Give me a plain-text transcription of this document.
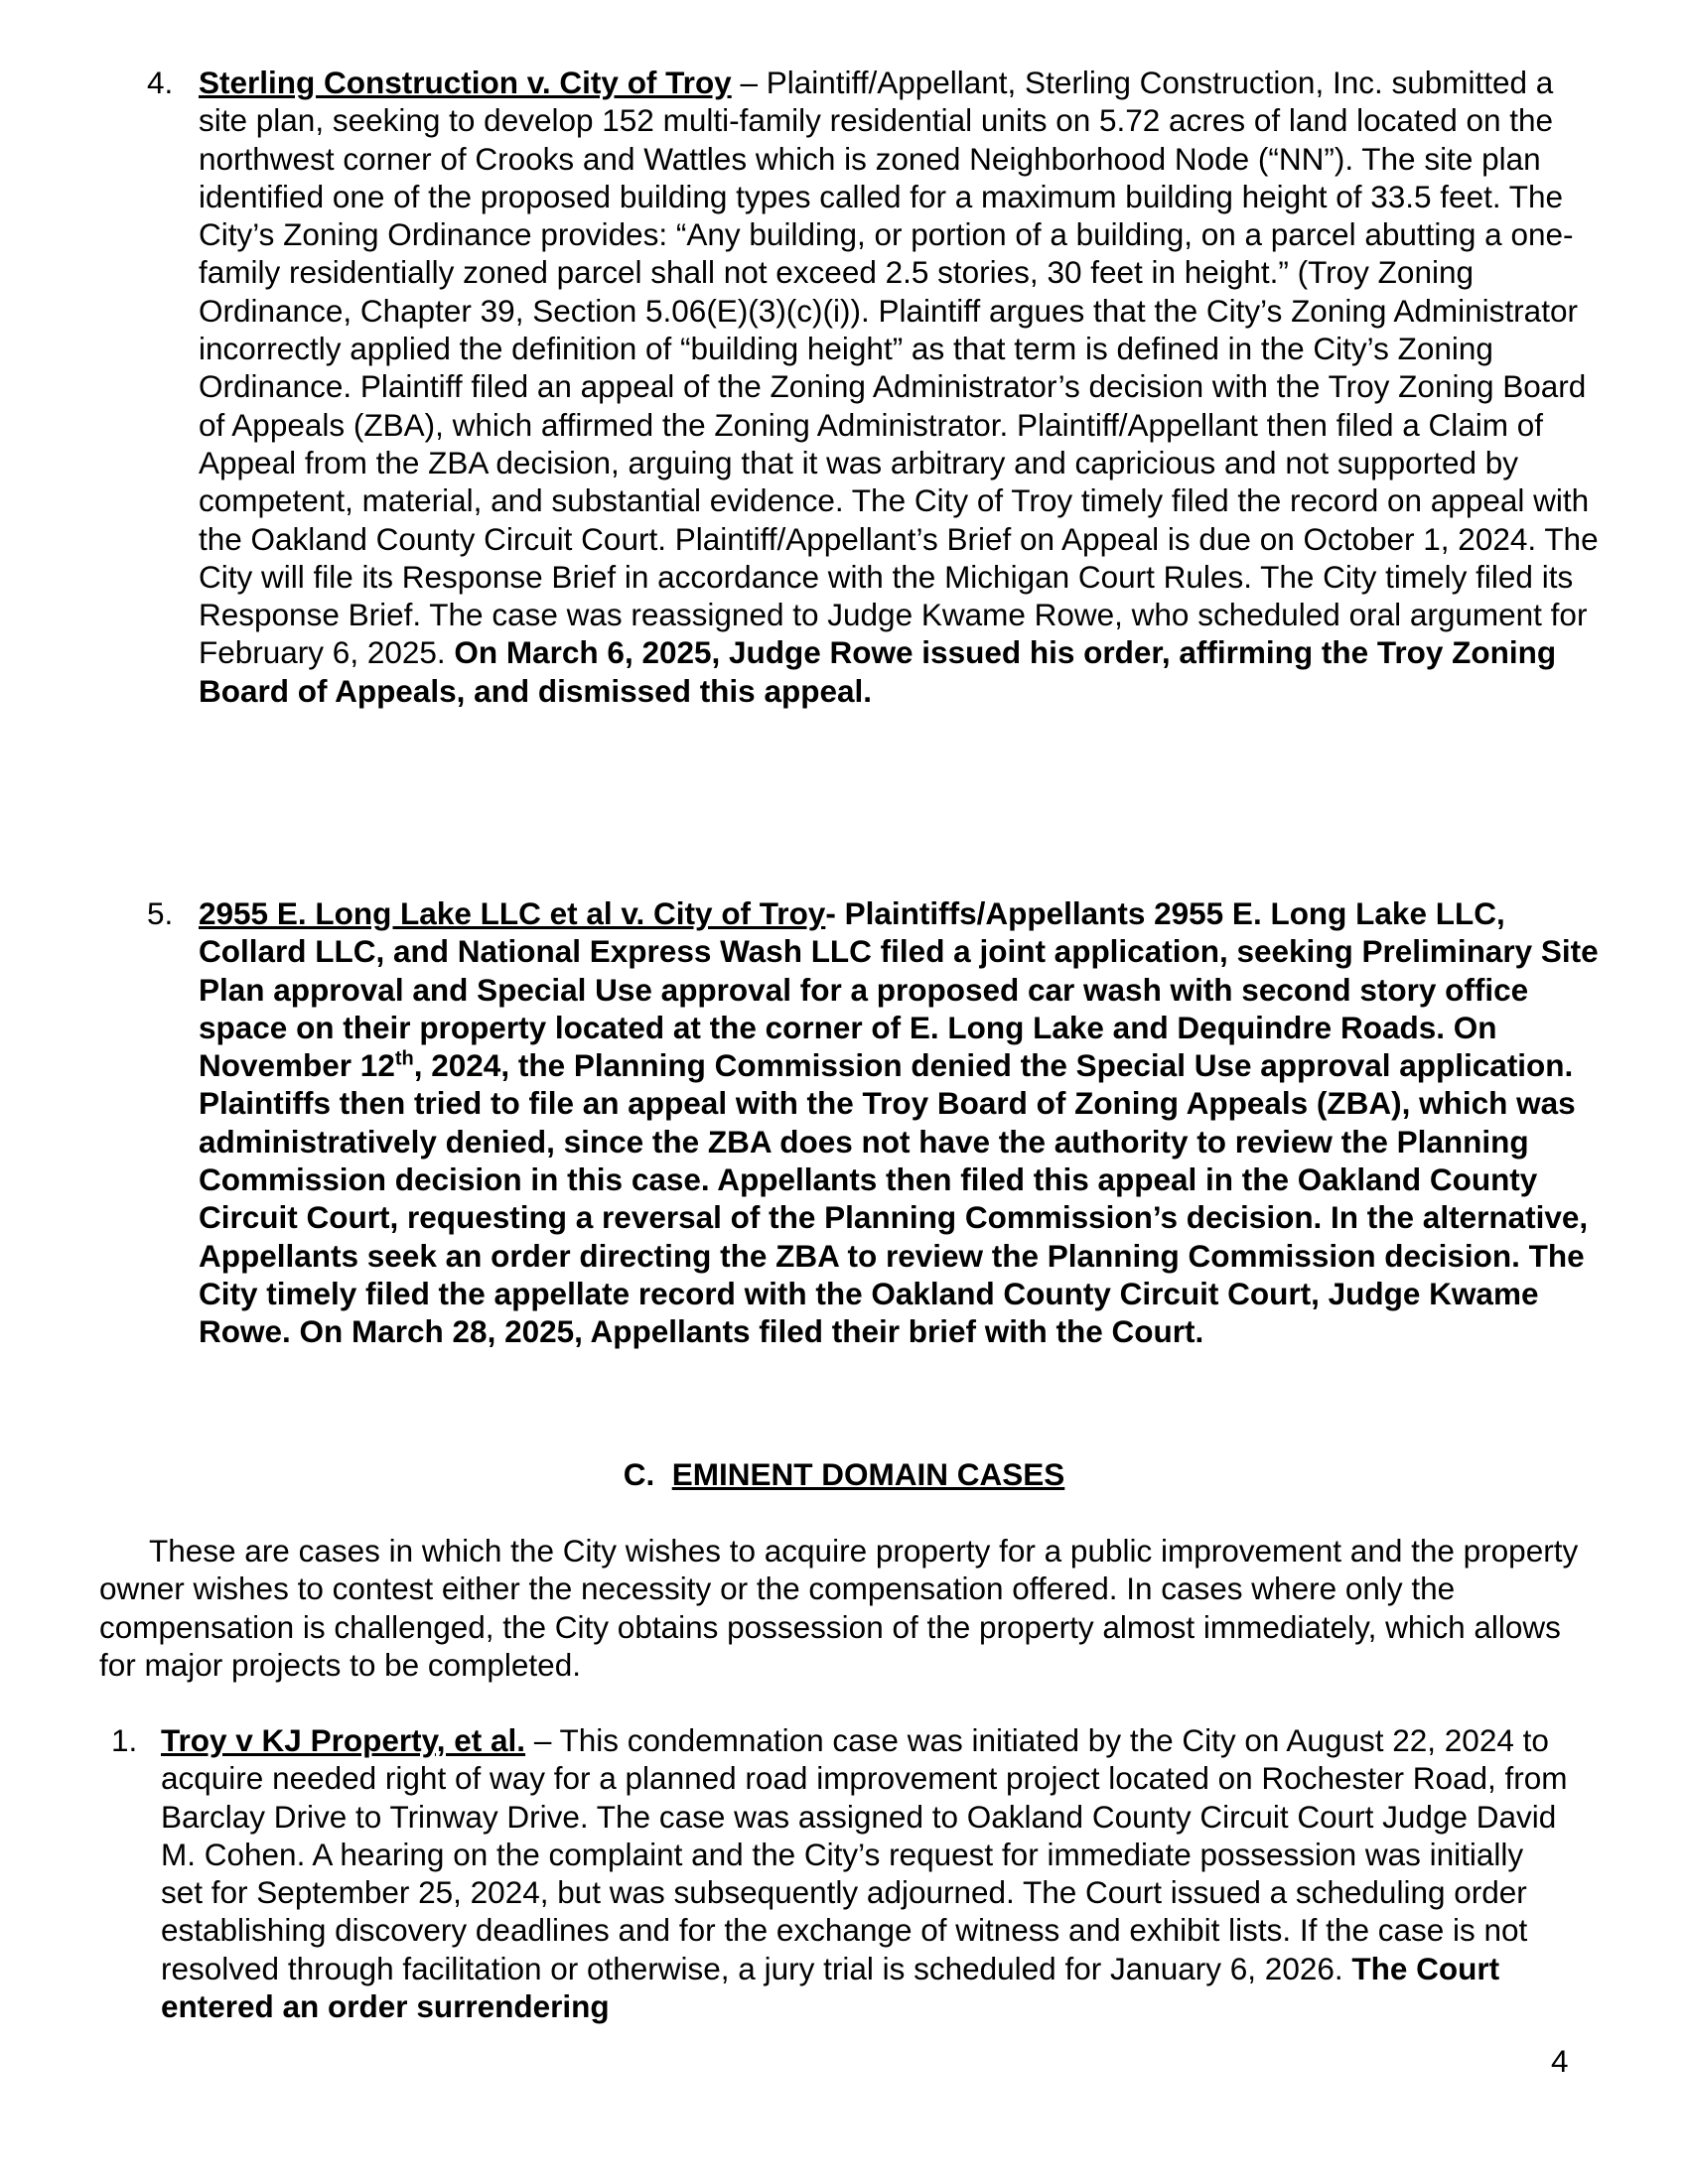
4. Sterling Construction v. City of Troy – Plaintiff/Appellant, Sterling Construction, Inc. submitted a site plan, seeking to develop 152 multi-family residential units on 5.72 acres of land located on the northwest corner of Crooks and Wattles which is zoned Neighborhood Node (“NN”). The site plan identified one of the proposed building types called for a maximum building height of 33.5 feet. The City’s Zoning Ordinance provides: “Any building, or portion of a building, on a parcel abutting a one-family residentially zoned parcel shall not exceed 2.5 stories, 30 feet in height.” (Troy Zoning Ordinance, Chapter 39, Section 5.06(E)(3)(c)(i)). Plaintiff argues that the City’s Zoning Administrator incorrectly applied the definition of “building height” as that term is defined in the City’s Zoning Ordinance. Plaintiff filed an appeal of the Zoning Administrator’s decision with the Troy Zoning Board of Appeals (ZBA), which affirmed the Zoning Administrator. Plaintiff/Appellant then filed a Claim of Appeal from the ZBA decision, arguing that it was arbitrary and capricious and not supported by competent, material, and substantial evidence. The City of Troy timely filed the record on appeal with the Oakland County Circuit Court. Plaintiff/Appellant’s Brief on Appeal is due on October 1, 2024. The City will file its Response Brief in accordance with the Michigan Court Rules. The City timely filed its Response Brief. The case was reassigned to Judge Kwame Rowe, who scheduled oral argument for February 6, 2025. On March 6, 2025, Judge Rowe issued his order, affirming the Troy Zoning Board of Appeals, and dismissed this appeal.
5. 2955 E. Long Lake LLC et al v. City of Troy- Plaintiffs/Appellants 2955 E. Long Lake LLC, Collard LLC, and National Express Wash LLC filed a joint application, seeking Preliminary Site Plan approval and Special Use approval for a proposed car wash with second story office space on their property located at the corner of E. Long Lake and Dequindre Roads. On November 12th, 2024, the Planning Commission denied the Special Use approval application. Plaintiffs then tried to file an appeal with the Troy Board of Zoning Appeals (ZBA), which was administratively denied, since the ZBA does not have the authority to review the Planning Commission decision in this case. Appellants then filed this appeal in the Oakland County Circuit Court, requesting a reversal of the Planning Commission’s decision. In the alternative, Appellants seek an order directing the ZBA to review the Planning Commission decision. The City timely filed the appellate record with the Oakland County Circuit Court, Judge Kwame Rowe. On March 28, 2025, Appellants filed their brief with the Court.
C. EMINENT DOMAIN CASES
These are cases in which the City wishes to acquire property for a public improvement and the property owner wishes to contest either the necessity or the compensation offered. In cases where only the compensation is challenged, the City obtains possession of the property almost immediately, which allows for major projects to be completed.
1. Troy v KJ Property, et al. – This condemnation case was initiated by the City on August 22, 2024 to acquire needed right of way for a planned road improvement project located on Rochester Road, from Barclay Drive to Trinway Drive. The case was assigned to Oakland County Circuit Court Judge David M. Cohen. A hearing on the complaint and the City’s request for immediate possession was initially set for September 25, 2024, but was subsequently adjourned. The Court issued a scheduling order establishing discovery deadlines and for the exchange of witness and exhibit lists. If the case is not resolved through facilitation or otherwise, a jury trial is scheduled for January 6, 2026. The Court entered an order surrendering
4
